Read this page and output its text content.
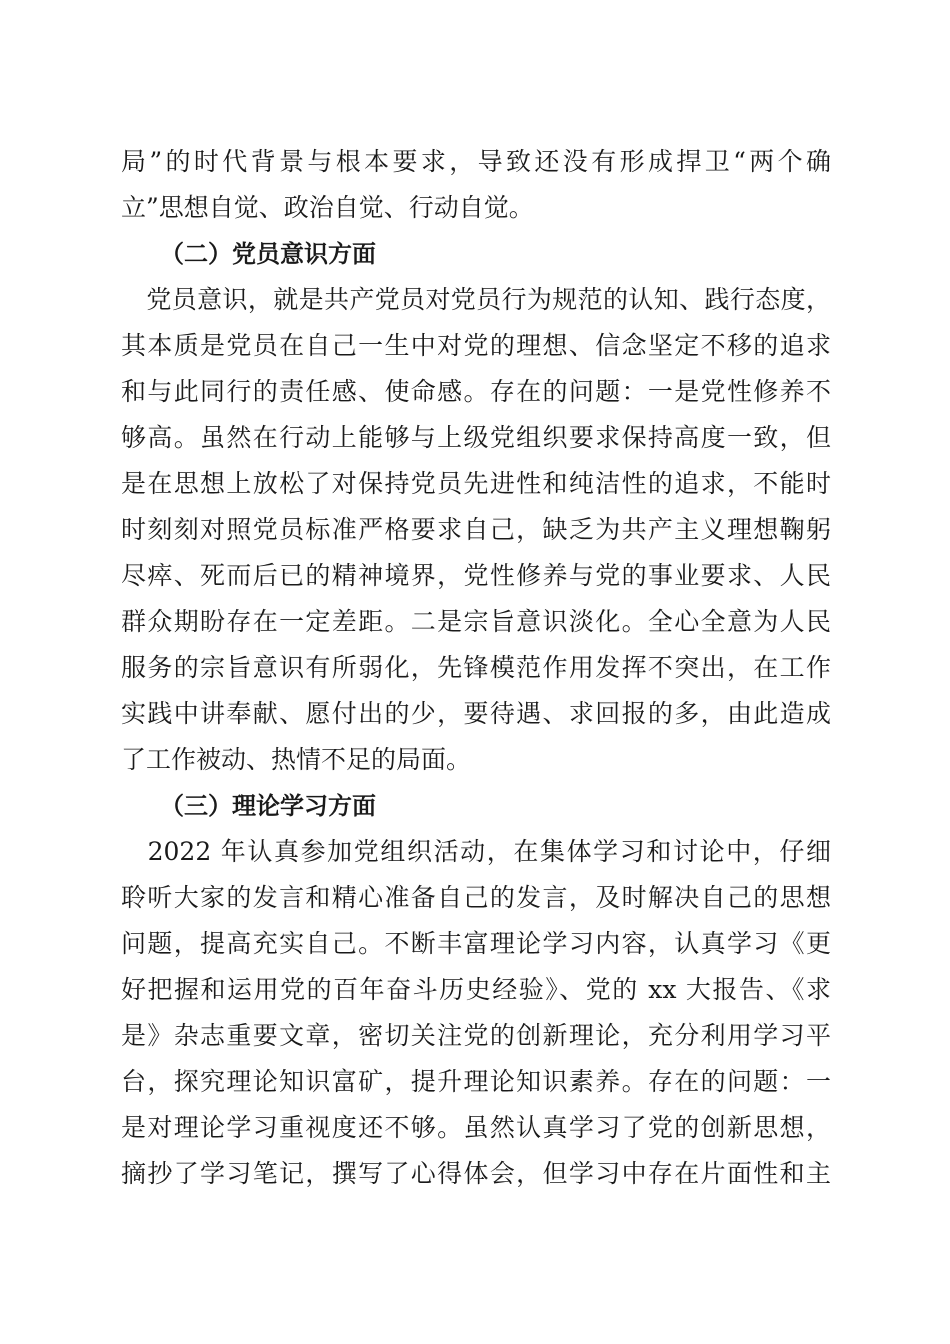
局”的时代背景与根本要求，导致还没有形成捍卫“两个确
立”思想自觉、政治自觉、行动自觉。
（二）党员意识方面
　党员意识，就是共产党员对党员行为规范的认知、践行态度，
其本质是党员在自己一生中对党的理想、信念坚定不移的追求
和与此同行的责任感、使命感。存在的问题：一是党性修养不
够高。虽然在行动上能够与上级党组织要求保持高度一致，但
是在思想上放松了对保持党员先进性和纯洁性的追求，不能时
时刻刻对照党员标准严格要求自己，缺乏为共产主义理想鞠躬
尽瘁、死而后已的精神境界，党性修养与党的事业要求、人民
群众期盼存在一定差距。二是宗旨意识淡化。全心全意为人民
服务的宗旨意识有所弱化，先锋模范作用发挥不突出，在工作
实践中讲奉献、愿付出的少，要待遇、求回报的多，由此造成
了工作被动、热情不足的局面。
（三）理论学习方面
　2022 年认真参加党组织活动，在集体学习和讨论中，仔细
聆听大家的发言和精心准备自己的发言，及时解决自己的思想
问题，提高充实自己。不断丰富理论学习内容，认真学习《更
好把握和运用党的百年奋斗历史经验》、党的 xx 大报告、《求
是》杂志重要文章，密切关注党的创新理论，充分利用学习平
台，探究理论知识富矿，提升理论知识素养。存在的问题：一
是对理论学习重视度还不够。虽然认真学习了党的创新思想，
摘抄了学习笔记，撰写了心得体会，但学习中存在片面性和主
